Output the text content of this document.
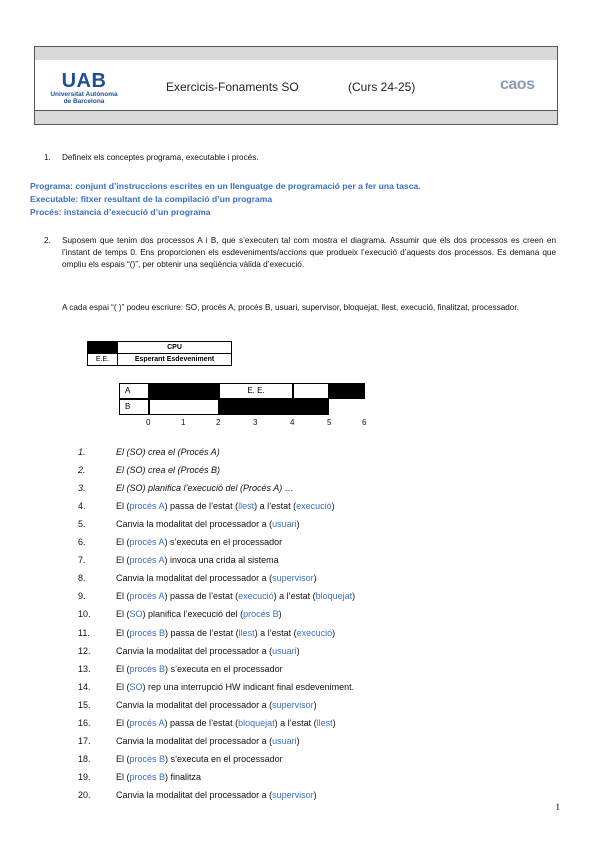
UAB
Universitat Autònoma
de Barcelona
Exercicis-Fonaments SO	(Curs 24-25)	caos
1. Defineix els conceptes programa, executable i procés.
Programa: conjunt d’instruccions escrites en un llenguatge de programació per a fer una tasca.
Executable: fitxer resultant de la compilació d’un programa
Procés: instancia d’execució d’un programa
2. Suposem que tenim dos processos A i B, que s’executen tal com mostra el diagrama. Assumir que els dos processos es creen en l’instant de temps 0. Ens proporcionen els esdeveniments/accions que produeix l’execució d’aquests dos processos. Es demana que ompliu els espais “()”, per obtenir una seqüència vàlida d’execució.
A cada espai “( )” podeu escriure: SO, procés A, procés B, usuari, supervisor, bloquejat, llest, execució, finalitzat, processador.
	CPU
E.E.	Esperant Esdeveniment
A	E. E.
B
0	1	2	3	4	5	6
1.	El (SO) crea el (Procés A)
2.	El (SO) crea el (Procés B)
3.	El (SO) planifica l’execució del (Procés A) …
4.	El (procés A) passa de l’estat (llest) a l’estat (execució)
5.	Canvia la modalitat del processador a (usuari)
6.	El (procés A) s’executa en el processador
7.	El (procés A) invoca una crida al sistema
8.	Canvia la modalitat del processador a (supervisor)
9.	El (procés A) passa de l’estat (execució) a l’estat (bloquejat)
10.	El (SO) planifica l’execució del (procés B)
11.	El (procés B) passa de l’estat (llest) a l’estat (execució)
12.	Canvia la modalitat del processador a (usuari)
13.	El (procés B) s’executa en el processador
14.	El (SO) rep una interrupció HW indicant final esdeveniment.
15.	Canvia la modalitat del processador a (supervisor)
16.	El (procés A) passa de l’estat (bloquejat) a l’estat (llest)
17.	Canvia la modalitat del processador a (usuari)
18.	El (procés B) s’executa en el processador
19.	El (procés B) finalitza
20.	Canvia la modalitat del processador a (supervisor)
1
